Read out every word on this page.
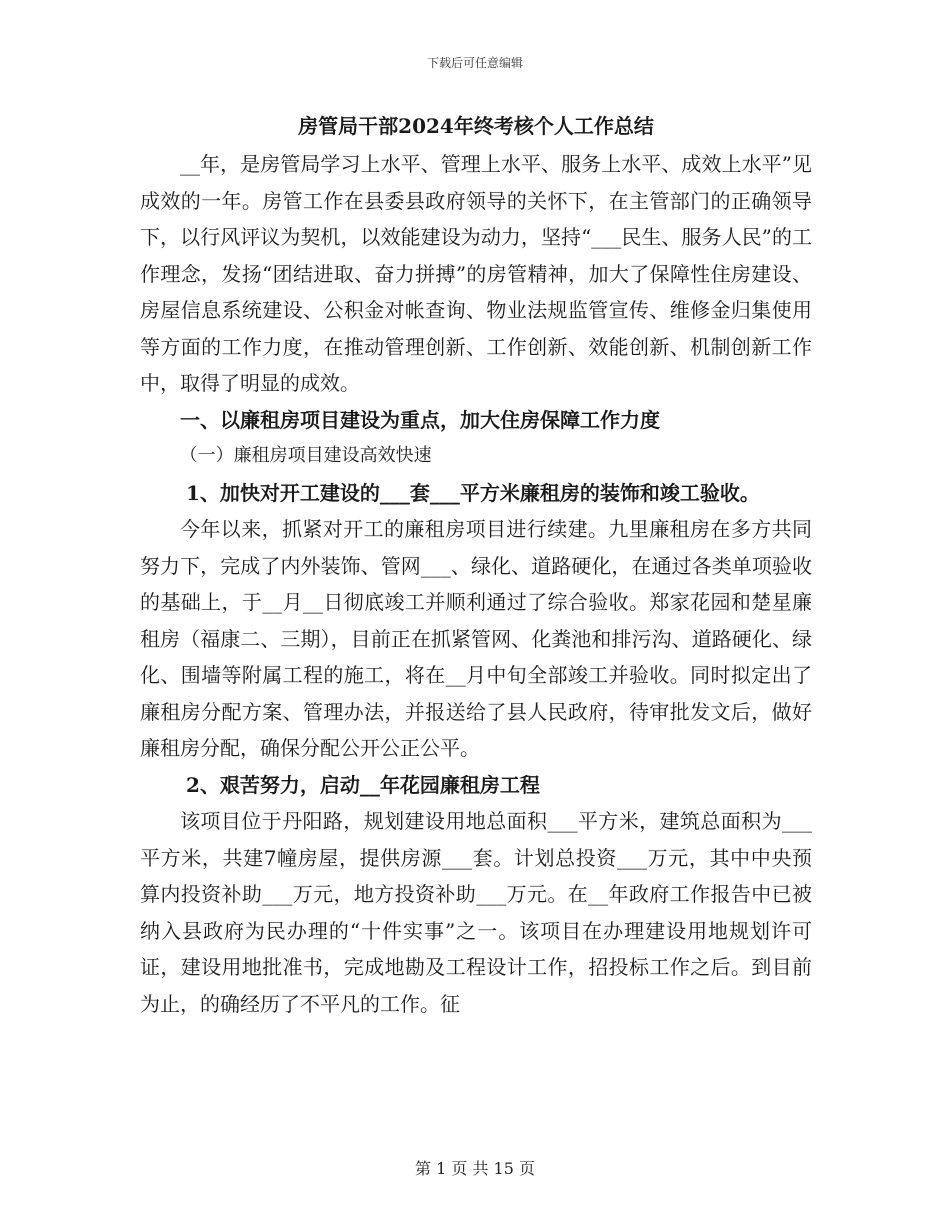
下载后可任意编辑
房管局干部2024年终考核个人工作总结

__年，是房管局学习上水平、管理上水平、服务上水平、成效上水平”见成效的一年。房管工作在县委县政府领导的关怀下，在主管部门的正确领导下，以行风评议为契机，以效能建设为动力，坚持“___民生、服务人民”的工作理念，发扬“团结进取、奋力拼搏”的房管精神，加大了保障性住房建设、房屋信息系统建设、公积金对帐查询、物业法规监管宣传、维修金归集使用等方面的工作力度，在推动管理创新、工作创新、效能创新、机制创新工作中，取得了明显的成效。

一、以廉租房项目建设为重点，加大住房保障工作力度

（一）廉租房项目建设高效快速

1、加快对开工建设的___套___平方米廉租房的装饰和竣工验收。

今年以来，抓紧对开工的廉租房项目进行续建。九里廉租房在多方共同努力下，完成了内外装饰、管网___、绿化、道路硬化，在通过各类单项验收的基础上，于__月__日彻底竣工并顺利通过了综合验收。郑家花园和楚星廉租房（福康二、三期），目前正在抓紧管网、化粪池和排污沟、道路硬化、绿化、围墙等附属工程的施工，将在__月中旬全部竣工并验收。同时拟定出了廉租房分配方案、管理办法，并报送给了县人民政府，待审批发文后，做好廉租房分配，确保分配公开公正公平。

2、艰苦努力，启动__年花园廉租房工程

该项目位于丹阳路，规划建设用地总面积___平方米，建筑总面积为___平方米，共建7幢房屋，提供房源___套。计划总投资___万元，其中中央预算内投资补助___万元，地方投资补助___万元。在__年政府工作报告中已被纳入县政府为民办理的“十件实事”之一。该项目在办理建设用地规划许可证，建设用地批准书，完成地勘及工程设计工作，招投标工作之后。到目前为止，的确经历了不平凡的工作。征

第 1 页 共 15 页
